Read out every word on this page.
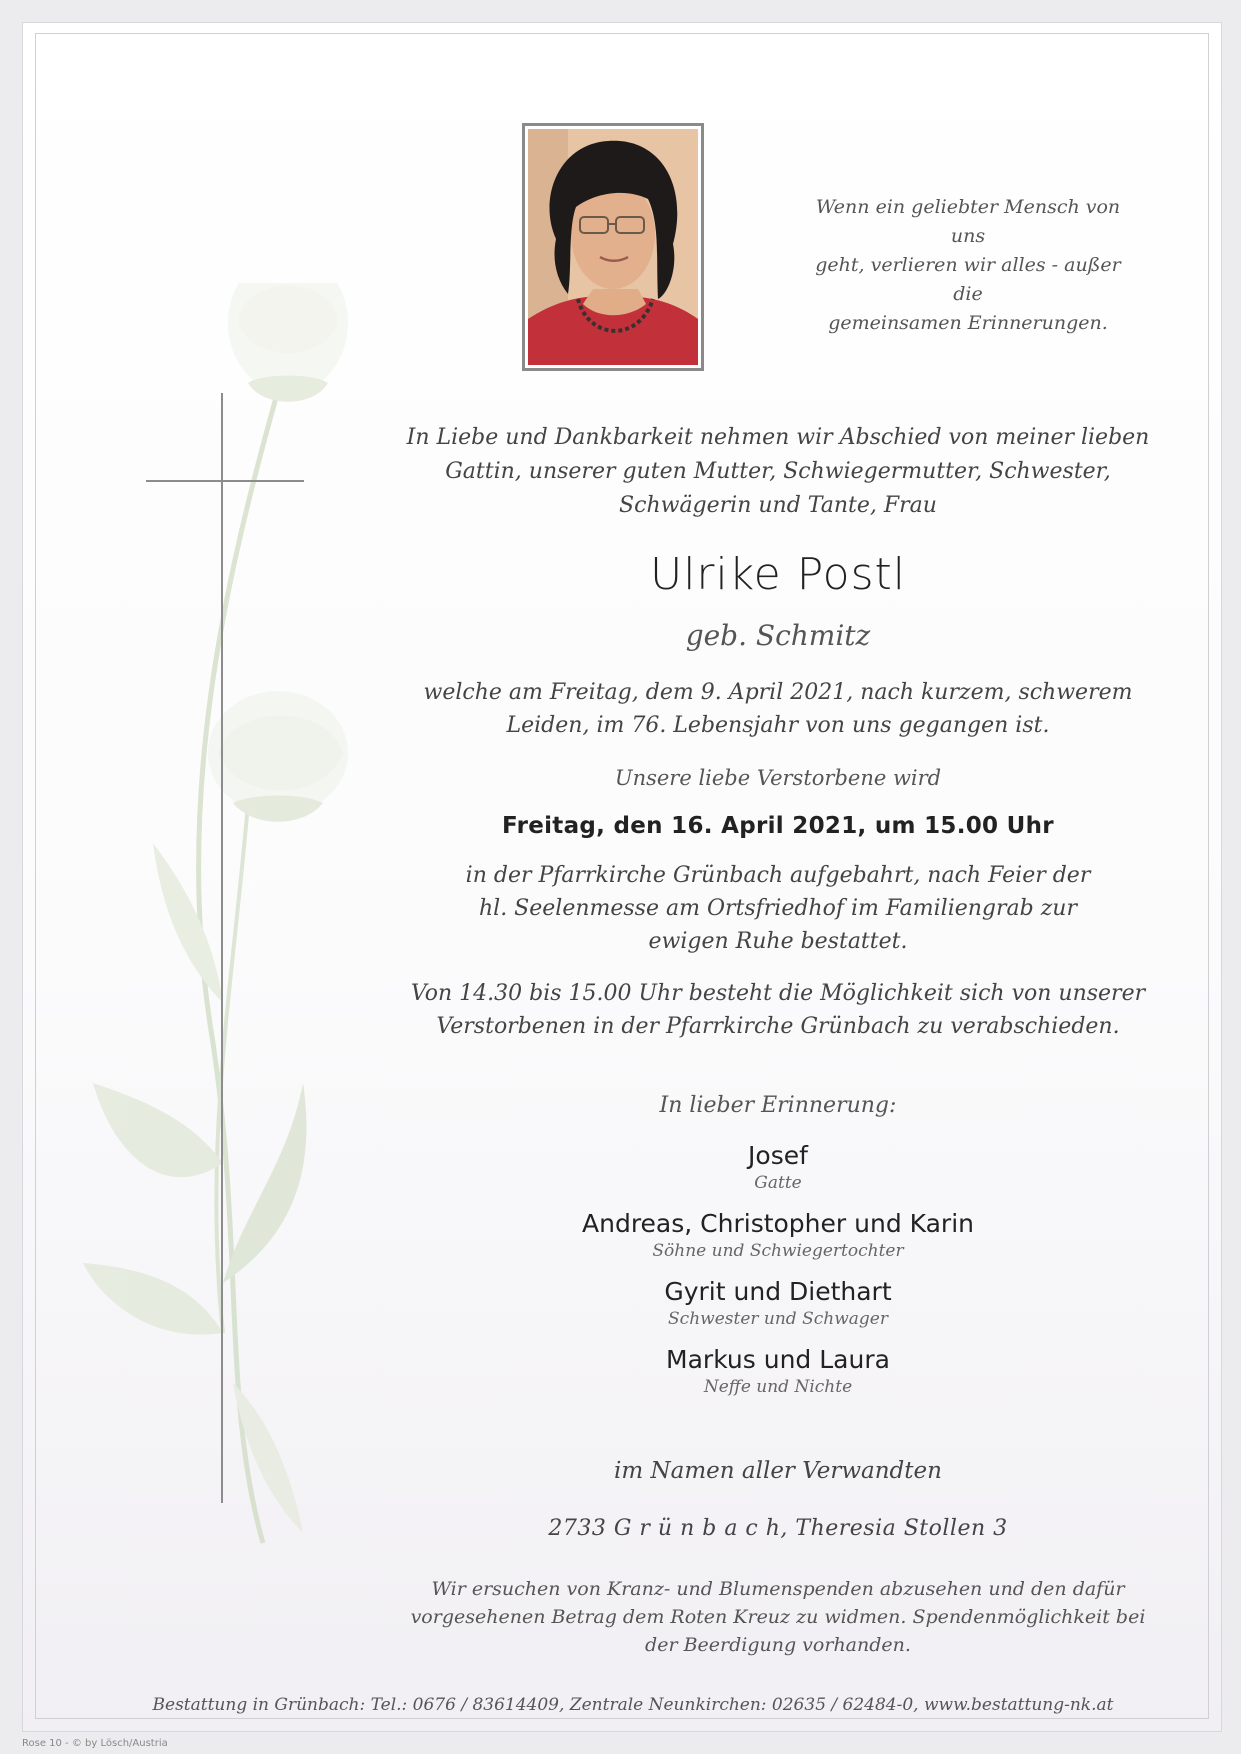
Wenn ein geliebter Mensch von uns
geht, verlieren wir alles - außer die
gemeinsamen Erinnerungen.
In Liebe und Dankbarkeit nehmen wir Abschied von meiner lieben
Gattin, unserer guten Mutter, Schwiegermutter, Schwester,
Schwägerin und Tante, Frau
Ulrike Postl
geb. Schmitz
welche am Freitag, dem 9. April 2021, nach kurzem, schwerem
Leiden, im 76. Lebensjahr von uns gegangen ist.
Unsere liebe Verstorbene wird
Freitag, den 16. April 2021, um 15.00 Uhr
in der Pfarrkirche Grünbach aufgebahrt, nach Feier der
hl. Seelenmesse am Ortsfriedhof im Familiengrab zur
ewigen Ruhe bestattet.
Von 14.30 bis 15.00 Uhr besteht die Möglichkeit sich von unserer
Verstorbenen in der Pfarrkirche Grünbach zu verabschieden.
In lieber Erinnerung:
Josef
Gatte
Andreas, Christopher und Karin
Söhne und Schwiegertochter
Gyrit und Diethart
Schwester und Schwager
Markus und Laura
Neffe und Nichte
im Namen aller Verwandten
2733 G r ü n b a c h, Theresia Stollen 3
Wir ersuchen von Kranz- und Blumenspenden abzusehen und den dafür
vorgesehenen Betrag dem Roten Kreuz zu widmen. Spendenmöglichkeit bei
der Beerdigung vorhanden.
Bestattung in Grünbach: Tel.: 0676 / 83614409, Zentrale Neunkirchen: 02635 / 62484-0, www.bestattung-nk.at
Rose 10 - © by Lösch/Austria
